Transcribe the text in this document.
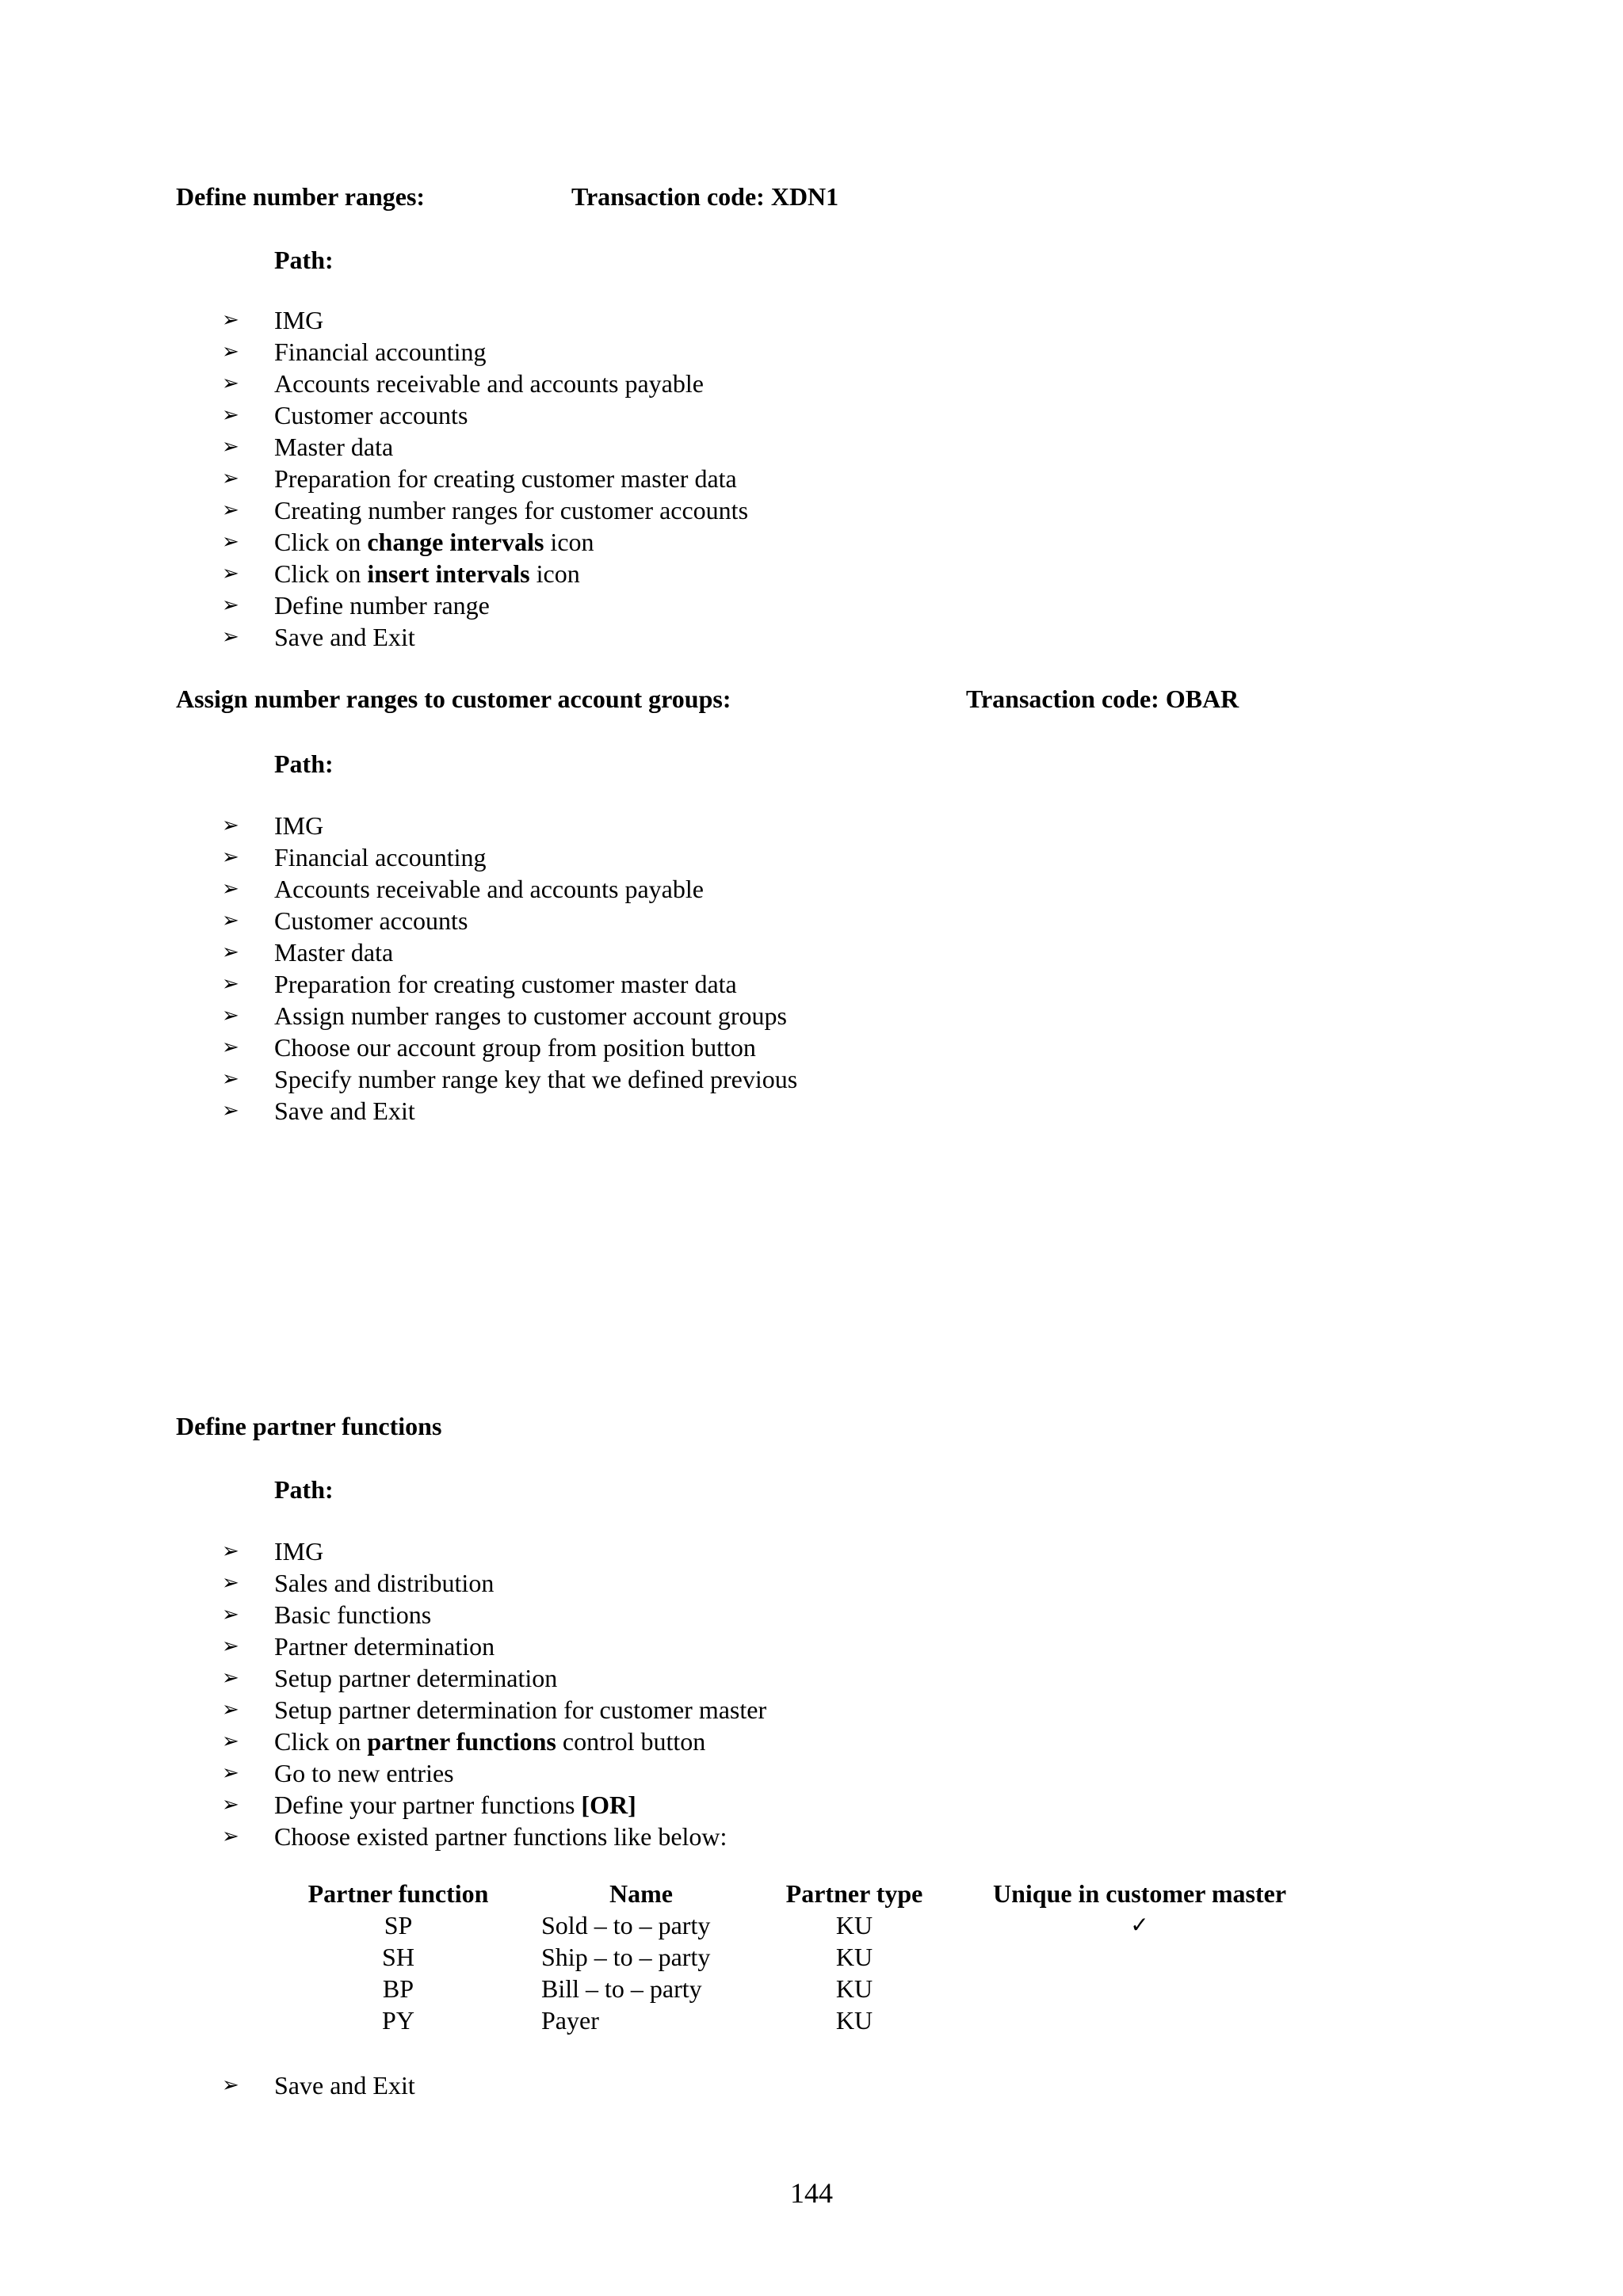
Define number ranges:	Transaction code: XDN1
Path:
➢	IMG
➢	Financial accounting
➢	Accounts receivable and accounts payable
➢	Customer accounts
➢	Master data
➢	Preparation for creating customer master data
➢	Creating number ranges for customer accounts
➢	Click on change intervals icon
➢	Click on insert intervals icon
➢	Define number range
➢	Save and Exit
Assign number ranges to customer account groups:	Transaction code: OBAR
Path:
➢	IMG
➢	Financial accounting
➢	Accounts receivable and accounts payable
➢	Customer accounts
➢	Master data
➢	Preparation for creating customer master data
➢	Assign number ranges to customer account groups
➢	Choose our account group from position button
➢	Specify number range key that we defined previous
➢	Save and Exit
Define partner functions
Path:
➢	IMG
➢	Sales and distribution
➢	Basic functions
➢	Partner determination
➢	Setup partner determination
➢	Setup partner determination for customer master
➢	Click on partner functions control button
➢	Go to new entries
➢	Define your partner functions [OR]
➢	Choose existed partner functions like below:
Partner function	Name	Partner type	Unique in customer master
SP	Sold – to – party	KU	✓
SH	Ship – to – party	KU	
BP	Bill – to – party	KU	
PY	Payer	KU	
➢	Save and Exit
144
